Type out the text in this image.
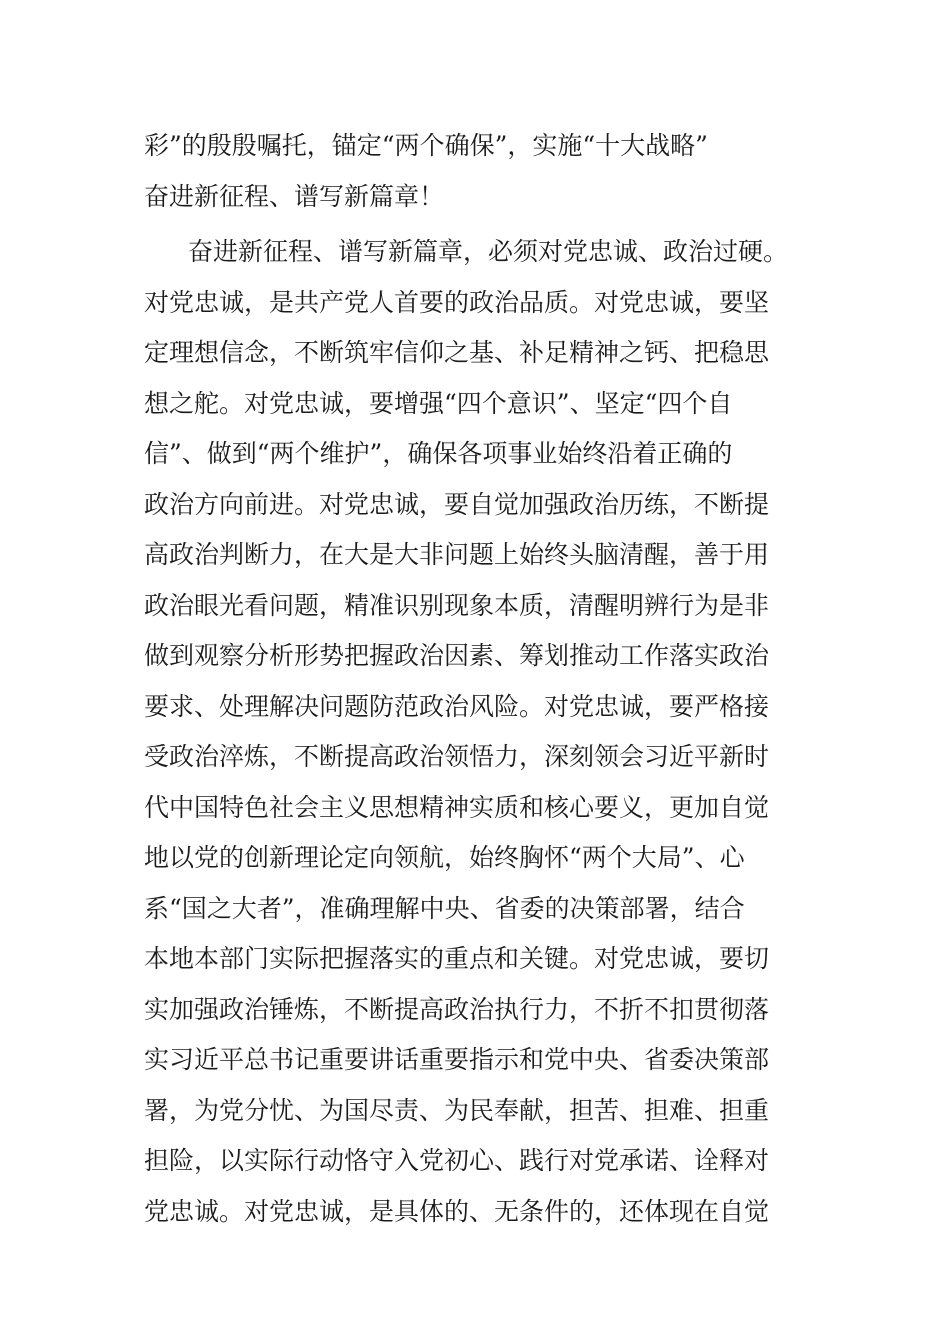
彩”的殷殷嘱托，锚定“两个确保”，实施“十大战略”
奋进新征程、谱写新篇章！
奋进新征程、谱写新篇章，必须对党忠诚、政治过硬。
对党忠诚，是共产党人首要的政治品质。对党忠诚，要坚
定理想信念，不断筑牢信仰之基、补足精神之钙、把稳思
想之舵。对党忠诚，要增强“四个意识”、坚定“四个自
信”、做到“两个维护”，确保各项事业始终沿着正确的
政治方向前进。对党忠诚，要自觉加强政治历练，不断提
高政治判断力，在大是大非问题上始终头脑清醒，善于用
政治眼光看问题，精准识别现象本质，清醒明辨行为是非
做到观察分析形势把握政治因素、筹划推动工作落实政治
要求、处理解决问题防范政治风险。对党忠诚，要严格接
受政治淬炼，不断提高政治领悟力，深刻领会习近平新时
代中国特色社会主义思想精神实质和核心要义，更加自觉
地以党的创新理论定向领航，始终胸怀“两个大局”、心
系“国之大者”，准确理解中央、省委的决策部署，结合
本地本部门实际把握落实的重点和关键。对党忠诚，要切
实加强政治锤炼，不断提高政治执行力，不折不扣贯彻落
实习近平总书记重要讲话重要指示和党中央、省委决策部
署，为党分忧、为国尽责、为民奉献，担苦、担难、担重
担险，以实际行动恪守入党初心、践行对党承诺、诠释对
党忠诚。对党忠诚，是具体的、无条件的，还体现在自觉
